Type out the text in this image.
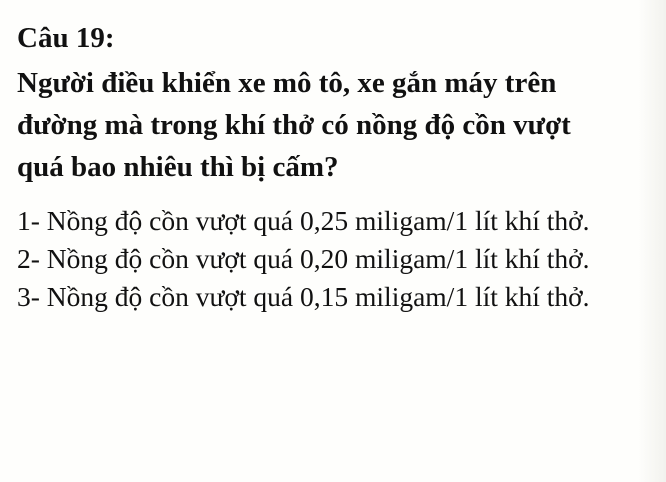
Câu 19:

Người điều khiển xe mô tô, xe gắn máy trên
đường mà trong khí thở có nồng độ cồn vượt
quá bao nhiêu thì bị cấm?

1- Nồng độ cồn vượt quá 0,25 miligam/1 lít khí thở.
2- Nồng độ cồn vượt quá 0,20 miligam/1 lít khí thở.
3- Nồng độ cồn vượt quá 0,15 miligam/1 lít khí thở.
